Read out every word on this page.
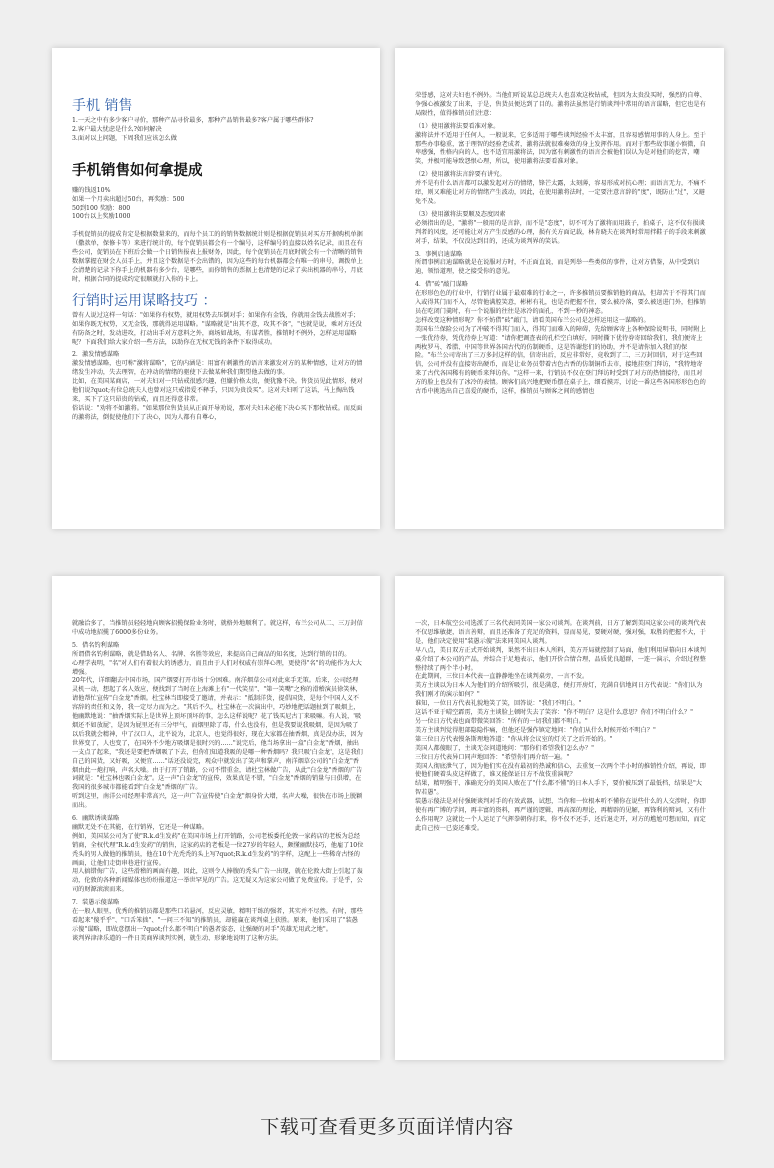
手机 销售

1.一天之中有多少客户寻价，那种产品寻价最多，那种产品销售最多?客户属于哪些群体?
2.客户最大忧虑是什么?如何解决
3.面对以上问题，下周我们应该怎么做

手机销售如何拿提成

赚的钱返10%
如果一个月卖出超过50台，再奖励：500
50到100 奖励：800
100台以上奖励1000

手机促销员的提成肯定是根据数量来的，而每个员工的的销售数据统计则是根据促销员对买方开据购机单据（撒款单，保修卡等）来进行统计的，每个促销员都会有一个编号，这样编号的直接以姓名记录，而且在有些公司，促销员在下班后会做一个日销售报表上报财务，因此，每个促销员在月底时就会有一个清晰的销售数据掌握在财会人员手上，并且这个数据是不会出错的，因为这些的每台机器都会有唯一的串号，调拨单上会清楚的记录下你手上的机器有多少台，是哪些，而你销售的票据上也清楚的记录了卖出机器的串号，月底时，根据合同的提成约定很顺就打入你的卡上。

行销时运用谋略技巧 ：

曾有人说过这样一句话："如果你有权势，就用权势去压倒对手；如果你有金钱，你就用金钱去战胜对手；如果你既无权势，又无金钱，那就得运用谋略。"谋略就是"出其不意，攻其不备"，"也就是说，乘对方还没有防备之时，发动进攻，打动出手对方意料之外，商场如战场，有谋者胜，推销时不例外，怎样运用谋略呢？下面我们给大家介绍一些方法，以助你在无权无钱的条件下取得成功。

2．激发情感谋略

激发情感谋略，也可称"激将谋略"，它的内涵是：用富有刺激性的语言来激发对方的某种情感，让对方的情绪发生冲动，失去理智，在冲动的情绪的驱使下去做某种我们期望他去做的事。
比如，在美国某商店，一对夫妇对一只钻戒很感兴趣，但嫌价格太贵，便犹豫不决。售货员见此情形，便对他们说?quot;有位总统夫人也曾对这只戒指爱不释手，只因为贵没买"。这对夫妇听了这话，马上掏出钱来，买下了这只昂贵的钻戒，而且还得意非常。
俗话说："劝将不如激将。"如果那位售货员从正面开导劝说，那对夫妇未必能下决心买下那枚钻戒。而反面的激将法，倒促使他们下了决心，因为人都有自尊心，

荣誉感，这对夫妇也不例外。当他们听说某总总统夫人也喜欢这枚钻戒，但因为太贵没买时，强烈的自尊、争强心被激发了出来，于是，售货员便达到了目的。激将法虽然是行销谈判中常用的语言谋略，但它也是有局限性，值得推销员们注意：

（1）使用激将法要看准对象。
激将法并不适用于任何人，一般说来，它多适用于哪些谈判经验不太丰富，且容易感情用事的人身上。至于那些办事稳重，富于理智的经验老成者，激将法就很难奏效的身上发挥作用。而对于那些故事谨小慎微，自卑感强，性格内向的人，也不适宜用激将法，因为富有刺激性的语言会被他们误认为是对他们的挖苦，嘲笑，并极可能导致怨恨心理，所以，使用激将法要看准对象。

（2）使用激将法言辞要有讲究。
并不是有什么语言都可以激发起对方的情绪，锋芒太露，太刻薄，容易形成对抗心理；而语言无力，不痛不痒，则又难能让对方的情绪产生波动，因此，在使用激将法时，一定要注意言辞的"度"，既防止"过"，又避免不及。

（3）使用激将法要顺及态度因素
必须指出的是，"激将"一般用的是言辞，而不是"态度"，切不可为了激将而用鼓子，拍桌子，这不仅有损谈判者的风度，还可能让对方产生反感的心理，损有关方面记载，林肯晓夫在谈判时常用拌鞋子的手段来刺激对手，结果，不仅没达到目的，还成为谈判界的笑话。

3．事例启迪谋略
所谓事例启迪谋略就是在说服对方时，不正面直说，而是列举一些类似的事件，让对方借鉴，从中受到启迪，领悟道理，使之接受你的意见。

4．借"砖"敲门谋略
在形形色色的行业中，行销行业属于最艰难的行业之一，许多推销员要推销他的商品，但却苦于不得其门而入或得其门而不入，尽管他满腔笑意，彬彬有礼，也是否把握不住，要么被冷落，要么被送进门外，但推销员在吃闭门羹时，有一个说服的往往是冰冷的面孔，不到一秒的神态。
怎样改变这种情形呢？你不妨借"砖"敲门，请看美国布兰公司是怎样运用这一谋略的。
美国布兰保险公司为了冲破不得其门而入，得其门而难入的障碍，先给顾客寄上各种保险说明书，同时附上一张优待券，凭优待券上写道："请你把调查表的孔栏空白填好，同时撕下优待券寄回给我们，我们便寄上两枚罗马、希腊、中国等世界各国古代的仿制硬币，这是答谢您们的协助，并不是请你加入我们的保险。"布兰公司寄出了三万多封这样的信，信寄出后，反应非常好，竟收到了二、三万封回信，对于这些回信，公司并没有直接寄出硬币，而是让业务员带着古色古香的仿制铜币去市，接地挂登门拜访，"我特地寄来了古代各国稀有的硬币来拜访你。"这样一来，行销员不仅在登门拜访时受到了对方的热情接待，而且对方的脸上也没有了冰冷的表情。顾客们高兴地把硬币摆在桌子上，细看摸弄，讨论一番这些各国形形色色的古币中挑选出自己喜爱的硬币，这样，推销员与顾客之间的感情也

就融洽多了，当推销员轻轻地向顾客招揽保险业务时，就格外地顺利了。就这样，布兰公司从二、三万封信中成功地招揽了6000多份业务。

5．借名钓利谋略
所谓借名钓利谋略，就是借助名人、名牌、名胜等效应，来提高自己商品的知名度，达到行销的目的。
心理学表明，"名"对人们有着很大的诱惑力，而且由于人们对权威有崇拜心理，更使得"名"的功能作为大大增强。
20年代，详细翻去中国市场，国产烟要打开市场十分困难。南洋烟草公司对此束手无策。后来，公司经理灵机一动，想起了名人效应，便找到了当时在上海滩上有"一代笑星"、"第一笑嘴"之称的滑稽演员徐笑林，请他帮忙宣传"白金龙"香烟。杜宝林当即接受了邀请，并表示："抵制洋货，提倡国货，是每个中国人义不容辞的责任和义务，我一定尽力而为之。"其后不久，杜宝林在一次演出中，巧妙地把话题扯到了吸烟上，他幽默地说："抽香烟实际上是世界上顶坏顶坏的事，怎么这样说呢？花了钱买尼古丁来吸嘛。有人说，'吸烟还不如放屁'，是因为屁里还有三分甲气，而烟里除了毒，什么也没有，但是我要说我吸烟，是因为吸了以后我就会精神，中了汉口人，北平说为，北京人，也觉得很好，现在大家都在抽香烟，真是没办法，因为世界变了，人也变了，在国外不少地方吸烟是很时兴的……"说完后，他当场拿出一盒"白金龙"香烟，抽出一支点了起来，"我还是要把香烟吸了下去，但你们知道我吸的是哪一种香烟吗？我只吸'白金龙'，这是我们自己的国货，又好吸，又便宜……"话还没说完，观众中就发出了笑声和掌声，南洋烟草公司的"白金龙"香烟由此一炮打响，声名大噪。由于打开了销路，公司不惜重金，请杜宝林做广告，从此"白金龙"香烟的广告词就是："杜宝林也吸白金龙"。这一声"白金龙"的宣传，效果真是不错，"白金龙"香烟的销量与日俱增，在我国的很多城市都能看到"白金龙"香烟的广告。
听到这里，南洋公司经理非常高兴，这一声广告宣传使"白金龙"烟身价大增，名声大噪，很快在市场上脱颖而出。

6．幽默诱谈谋略
幽默无处不在其能，在行销界，它还是一种谋略。
例如，美国某公司为了使"R.k.d生发药"在美国市场上打开销路，公司老板委托伦敦一家药店的老板为总经销商，全权代理"R.k.d生发药"的销售，这家药店的老板是一位27岁的年轻人，颇懂幽默技巧，他雇了10位秃头的男人做他的推销员，他在10个光秃秃的头上写?quot;R.k.d生发药"的字样，这配上一些稀奇古怪的画面，让他们走街串巷进行宣传。
用人搞错侮广告，这些滑稽的画面有趣，因此，这则令人捧腹的秃头广告一出现，就在伦敦大街上引起了轰动，伦敦的各种新闻媒体也纷纷报道这一举世罕见的广告。这无疑又为这家公司做了免费宣传。于是乎，公司的财源滚滚而来。

7．装愚示傻谋略
在一般人眼里，优秀的推销员都是那些口若悬河，反应灵敏，精明干练的强者，其实并不尽然。有时，那些看起来"傻乎乎"、"口舌笨拙"、"一问三不知"的推销员，却能赢在谈判桌上获胜。原来，他们采用了"装愚示傻"谋略，即故意摆出一?quot;什么都不明白"的愚者姿态，让强硬的对手"英雄无用武之地"。
谈判界津津乐道的一件日美商界谈判实例，就生动、形象地说明了这种方法。

一次，日本航空公司选派了三名代表同美国一家公司谈判。在谈判前，日方了解到美国这家公司的谈判代表不仅思维敏捷，语言善辩，而且还准备了充足的资料，显而易见，要硬对硬，强对强，取胜的把握不大，于是，他们决定使用"装愚示傻"法来同美国人谈判。
早八点，美日双方正式开始谈判，果然不出日本人所料，美方开局就控制了局面，他们利用屏幕向日本谈判桌介绍了本公司的产品，并综合于足地表示，他们开价合情合理，品质优良超群，一连一演示，介绍过程整整持续了两个半小时。
在此期间，三位日本代表一直静静地坐在谈判桌旁，一言不发。
美方主谈以为日本人为他们的介绍所吸引，很是满意，便打开房灯，充满自信地问日方代表说："你们认为我们刚才的演示如何？"
谁知，一位日方代表礼貌地笑了笑，回答说："我们不明白。"
这话不亚于晴空霹雳，美方主谈脸上顿时失去了笑容："你不明白？这是什么意思？你们不明白什么？"
另一位日方代表也面带微笑回答："所有的一切我们都不明白。"
美方主谈判觉得胆部隐隐作痛，但他还是强作镇定地问："你们从什么时候开始不明白？"
第三位日方代表慢条斯理地答道："你从将会议室的灯关了之后开始的。"
美国人都傻眼了，主谈无奈问道地问："那你们希望我们怎么办？"
三位日方代表异口同声地回答："希望你们再介绍一遍。"
美国人彻底泄气了，因为他们实在没有最初的热诚和信心，去重复一次两个半小时的推销性介绍，再说，即使他们硬着头皮这样做了，谁又能保证日方不故伎重演呢？
结果，精明强干、准确充分的美国人败在了"什么都不懂"的日本人手下，要价被压到了最低档，结果是"大智若愚"。
装愚示傻法是对付强硬谈判对手的有效武器，试想，当你和一位根本听不懂你在说些什么的人交涉时，你即使有再广博的学问，再丰富的资料，再严谨的逻辑，再高深的理论，再精辟的见解，再锋利的辩词，又有什么作用呢？这就比一个人运足了气挥拳朝你打来，你不仅不还手，还后退走开，对方的尴尬可想而知，而定此自己按一已姿还难受。

下载可查看更多页面详情内容
